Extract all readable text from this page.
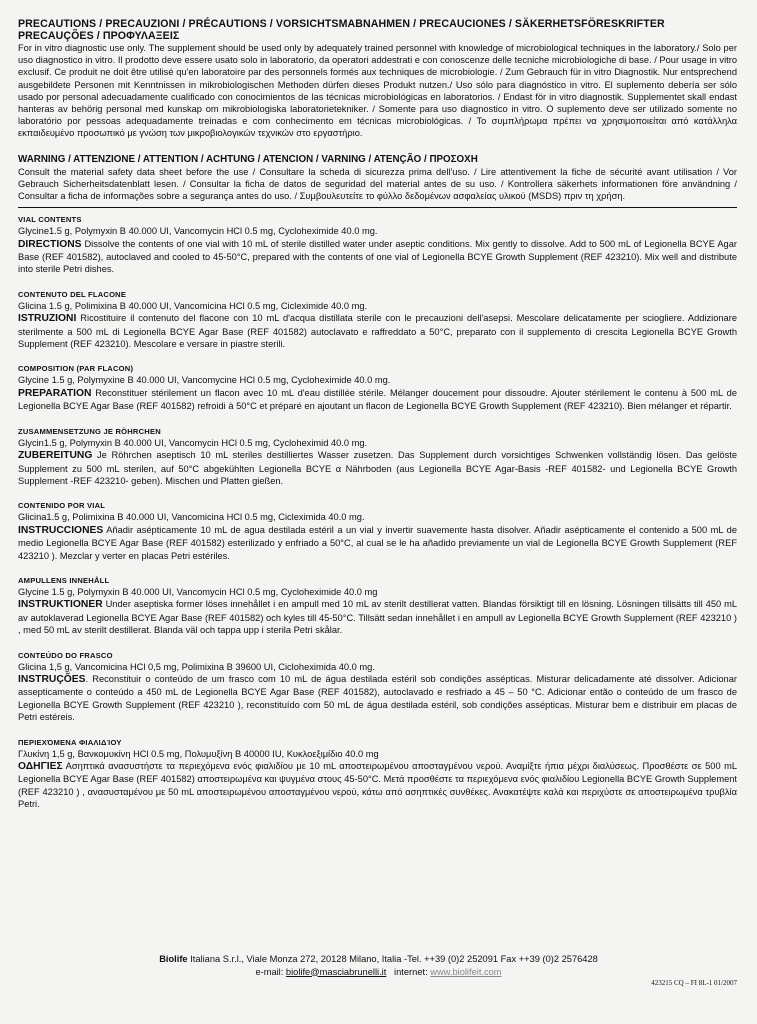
PRECAUTIONS / PRECAUZIONI / PRÉCAUTIONS / VORSICHTSMABNAHMEN / PRECAUCIONES / SÄKERHETSFÖRESKRIFTER
PRECAUÇÕES / ΠΡΟΦΥΛΑΞΕΙΣ

For in vitro diagnostic use only. The supplement should be used only by adequately trained personnel with knowledge of microbiological techniques in the laboratory./ Solo per uso diagnostico in vitro. Il prodotto deve essere usato solo in laboratorio, da operatori addestrati e con conoscenze delle tecniche microbiologiche di base. / Pour usage in vitro exclusif. Ce produit ne doit être utilisé qu'en laboratoire par des personnels formés aux techniques de microbiologie. / Zum Gebrauch für in vitro Diagnostik. Nur entsprechend ausgebildete Personen mit Kenntnissen in mikrobiologischen Methoden dürfen dieses Produkt nutzen./ Uso sólo para diagnóstico in vitro. El suplemento debería ser sólo usado por personal adecuadamente cualificado con conocimientos de las técnicas microbiológicas en laboratorios. / Endast för in vitro diagnostik. Supplementet skall endast hanteras av behörig personal med kunskap om mikrobiologiska laboratorietekniker. / Somente para uso diagnostico in vitro. O suplemento deve ser utilizado somente no laboratório por pessoas adequadamente treinadas e com conhecimento em técnicas microbiológicas. / Το συμπλήρωμα πρέπει να χρησιμοποιείται από κατάλληλα εκπαιδευμένο προσωπικό με γνώση των μικροβιολογικών τεχνικών στο εργαστήριο.

WARNING / ATTENZIONE / ATTENTION / ACHTUNG / ATENCION / VARNING / ATENÇÃO / ΠΡΟΣΟΧΗ

Consult the material safety data sheet before the use / Consultare la scheda di sicurezza prima dell'uso. / Lire attentivement la fiche de sécurité avant utilisation / Vor Gebrauch Sicherheitsdatenblatt lesen. / Consultar la ficha de datos de seguridad del material antes de su uso. / Kontrollera säkerhets informationen före användning / Consultar a ficha de informações sobre a segurança antes do uso. / Συμβουλευτείτε το φύλλο δεδομένων ασφαλείας υλικού (MSDS) πριν τη χρήση.

VIAL CONTENTS
Glycine1.5 g, Polymyxin B 40.000 UI, Vancomycin HCl 0.5 mg, Cycloheximide 40.0 mg.
DIRECTIONS Dissolve the contents of one vial with 10 mL of sterile distilled water under aseptic conditions. Mix gently to dissolve. Add to 500 mL of Legionella BCYE Agar Base (REF 401582), autoclaved and cooled to 45-50°C, prepared with the contents of one vial of Legionella BCYE Growth Supplement (REF 423210). Mix well and distribute into sterile Petri dishes.
CONTENUTO DEL FLACONE
Glicina 1.5 g, Polimixina B 40.000 UI, Vancomicina HCl 0.5 mg, Cicleximide 40.0 mg.
ISTRUZIONI Ricostituire il contenuto del flacone con 10 mL d'acqua distillata sterile con le precauzioni dell'asepsi. Mescolare delicatamente per sciogliere. Addizionare sterilmente a 500 mL di Legionella BCYE Agar Base (REF 401582) autoclavato e raffreddato a 50°C, preparato con il supplemento di crescita Legionella BCYE Growth Supplement (REF 423210). Mescolare e versare in piastre sterili.
COMPOSITION (PAR FLACON)
Glycine 1.5 g, Polymyxine B 40.000 UI, Vancomycine HCl 0.5 mg, Cycloheximide 40.0 mg.
PREPARATION Reconstituer stérilement un flacon avec 10 mL d'eau distillée stérile. Mélanger doucement pour dissoudre. Ajouter stérilement le contenu à 500 mL de Legionella BCYE Agar Base (REF 401582) refroidi à 50°C et préparé en ajoutant un flacon de Legionella BCYE Growth Supplement (REF 423210). Bien mélanger et répartir.
ZUSAMMENSETZUNG JE RÖHRCHEN
Glycin1.5 g, Polymyxin B 40.000 UI, Vancomycin HCl 0.5 mg, Cycloheximid 40.0 mg.
ZUBEREITUNG Je Röhrchen aseptisch 10 mL steriles destilliertes Wasser zusetzen. Das Supplement durch vorsichtiges Schwenken vollständig lösen. Das gelöste Supplement zu 500 mL sterilen, auf 50°C abgekühlten Legionella BCYE α Nährboden (aus Legionella BCYE Agar-Basis -REF 401582- und Legionella BCYE Growth Supplement -REF 423210- geben). Mischen und Platten gießen.
CONTENIDO POR VIAL
Glicina1.5 g, Polimixina B 40.000 UI, Vancomicina HCl 0.5 mg, Cicleximida 40.0 mg.
INSTRUCCIONES Añadir asépticamente 10 mL de agua destilada estéril a un vial y invertir suavemente hasta disolver. Añadir asépticamente el contenido a 500 mL de medio Legionella BCYE Agar Base (REF 401582) esterilizado y enfriado a 50°C, al cual se le ha añadido previamente un vial de Legionella BCYE Growth Supplement (REF 423210 ). Mezclar y verter en placas Petri estériles.
AMPULLENS INNEHÅLL
Glycine 1.5 g, Polymyxin B 40.000 UI, Vancomycin HCl 0.5 mg, Cycloheximide 40.0 mg
INSTRUKTIONER Under aseptiska former löses innehållet i en ampull med 10 mL av sterilt destillerat vatten. Blandas försiktigt till en lösning. Lösningen tillsätts till 450 mL av autoklaverad Legionella BCYE Agar Base (REF 401582) och kyles till 45-50°C. Tillsätt sedan innehållet i en ampull av Legionella BCYE Growth Supplement (REF 423210 ) , med 50 mL av sterilt destillerat. Blanda väl och tappa upp i sterila Petri skålar.
CONTEÚDO DO FRASCO
Glicina 1,5 g, Vancomicina HCl 0,5 mg, Polimixina B 39600 UI, Cicloheximida 40.0 mg.
INSTRUÇÕES. Reconstituir o conteúdo de um frasco com 10 mL de água destilada estéril sob condições assépticas. Misturar delicadamente até dissolver. Adicionar assepticamente o conteúdo a 450 mL de Legionella BCYE Agar Base (REF 401582), autoclavado e resfriado a 45 – 50 °C. Adicionar então o conteúdo de um frasco de Legionella BCYE Growth Supplement (REF 423210 ), reconstituído com 50 mL de água destilada estéril, sob condições assépticas. Misturar bem e distribuir em placas de Petri estéreis.
ΠΕΡΙΕΧΌΜΕΝΑ ΦΙΑΛΙΔΊΟΥ
Γλυκίνη 1,5 g, Βανκομυκίνη HCl 0.5 mg, Πολυμυξίνη Β 40000 IU, Κυκλοεξιμίδιο 40.0 mg
ΟΔΗΓΙΕΣ Ασηπτικά ανασυστήστε τα περιεχόμενα ενός φιαλιδίου με 10 mL αποστειρωμένου αποσταγμένου νερού. Αναμίξτε ήπια μέχρι διαλύσεως. Προσθέστε σε 500 mL Legionella BCYE Agar Base (REF 401582) αποστειρωμένα και ψυγμένα στους 45-50°C. Μετά προσθέστε τα περιεχόμενα ενός φιαλιδίου Legionella BCYE Growth Supplement (REF 423210 ) , ανασυσταμένου με 50 mL αποστειρωμένου αποσταγμένου νερού, κάτω από ασηπτικές συνθέκες. Ανακατέψτε καλά και περιχύστε σε αποστειρωμένα τρυβλία Petri.
Biolife Italiana S.r.l., Viale Monza 272, 20128 Milano, Italia -Tel. ++39 (0)2 252091 Fax ++39 (0)2 2576428
e-mail: biolife@masciabrunelli.it   internet: www.biolifeit.com
423215 CQ – FI 8L-1 01/2007
